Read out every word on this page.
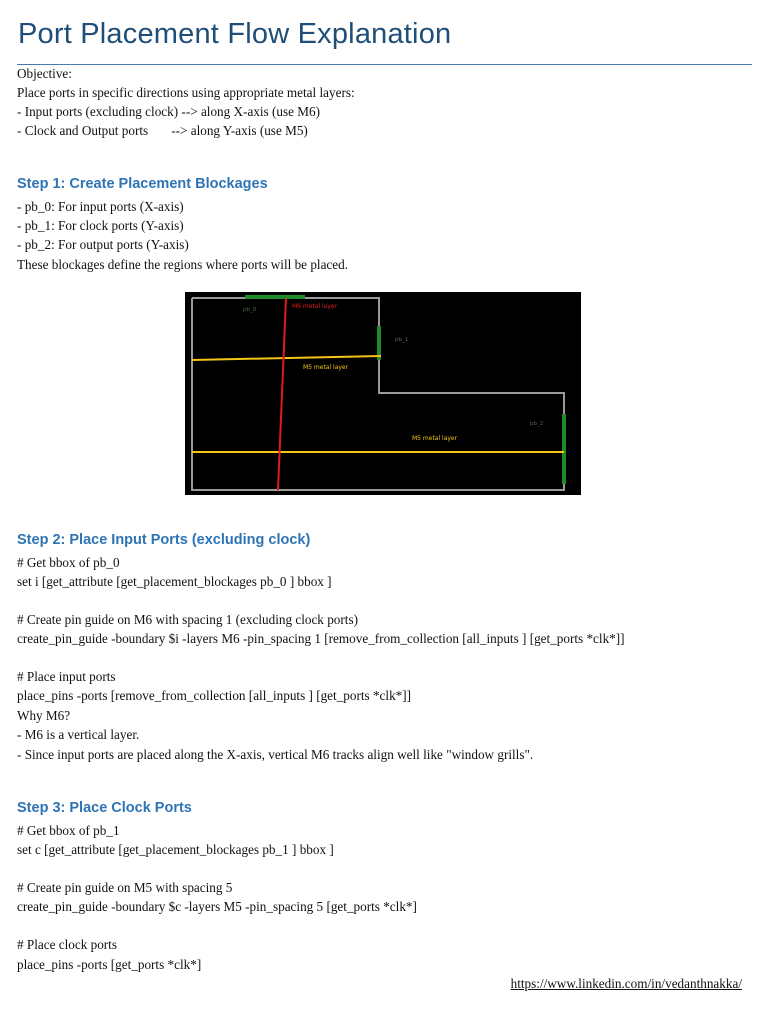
Port Placement Flow Explanation
Objective:
Place ports in specific directions using appropriate metal layers:
- Input ports (excluding clock) --> along X-axis (use M6)
- Clock and Output ports       --> along Y-axis (use M5)
Step 1: Create Placement Blockages
- pb_0: For input ports (X-axis)
- pb_1: For clock ports (Y-axis)
- pb_2: For output ports (Y-axis)
These blockages define the regions where ports will be placed.
pb_0	M6 metal layer
pb_1
M5 metal layer
pb_2
M5 metal layer
Step 2: Place Input Ports (excluding clock)
# Get bbox of pb_0
set i [get_attribute [get_placement_blockages pb_0 ] bbox ]
# Create pin guide on M6 with spacing 1 (excluding clock ports)
create_pin_guide -boundary $i -layers M6 -pin_spacing 1 [remove_from_collection [all_inputs ] [get_ports *clk*]]
# Place input ports
place_pins -ports [remove_from_collection [all_inputs ] [get_ports *clk*]]
Why M6?
- M6 is a vertical layer.
- Since input ports are placed along the X-axis, vertical M6 tracks align well like "window grills".
Step 3: Place Clock Ports
# Get bbox of pb_1
set c [get_attribute [get_placement_blockages pb_1 ] bbox ]
# Create pin guide on M5 with spacing 5
create_pin_guide -boundary $c -layers M5 -pin_spacing 5 [get_ports *clk*]
# Place clock ports
place_pins -ports [get_ports *clk*]
https://www.linkedin.com/in/vedanthnakka/
